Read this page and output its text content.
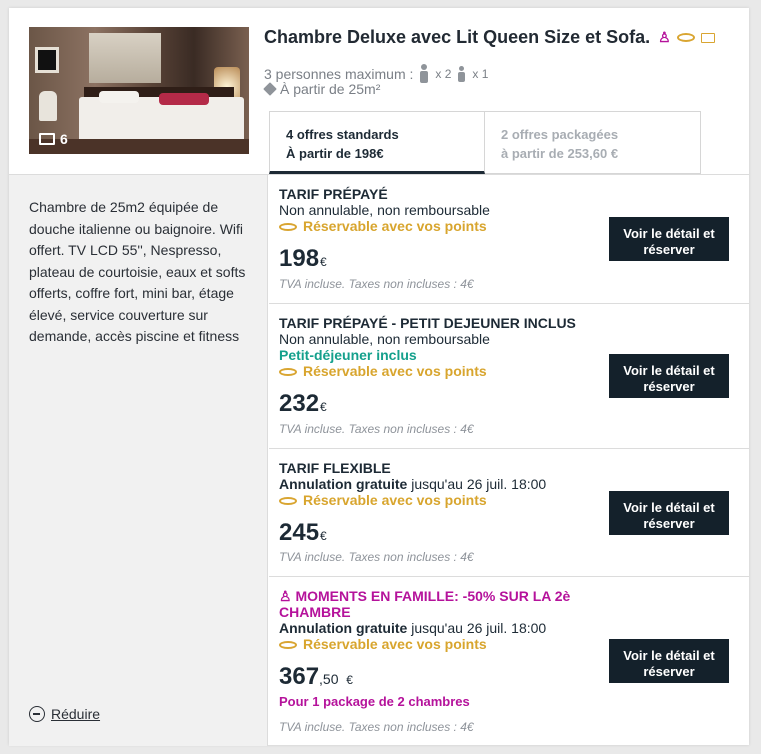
6
Chambre Deluxe avec Lit Queen Size et Sofa. ♙
3 personnes maximum : x 2 x 1
À partir de 25m²
4 offres standards
À partir de 198€
2 offres packagées
à partir de 253,60 €

Chambre de 25m2 équipée de douche italienne ou baignoire. Wifi offert. TV LCD 55'', Nespresso, plateau de courtoisie, eaux et softs offerts, coffre fort, mini bar, étage élevé, service couverture sur demande, accès piscine et fitness

Réduire
TARIF PRÉPAYÉ
Non annulable, non remboursable
Réservable avec vos points
198€
TVA incluse. Taxes non incluses : 4€
Voir le détail et réserver
TARIF PRÉPAYÉ - PETIT DEJEUNER INCLUS
Non annulable, non remboursable
Petit-déjeuner inclus
Réservable avec vos points
232€
TVA incluse. Taxes non incluses : 4€
Voir le détail et réserver
TARIF FLEXIBLE
Annulation gratuite jusqu'au 26 juil. 18:00
Réservable avec vos points
245€
TVA incluse. Taxes non incluses : 4€
Voir le détail et réserver
♙ MOMENTS EN FAMILLE: -50% SUR LA 2è CHAMBRE
Annulation gratuite jusqu'au 26 juil. 18:00
Réservable avec vos points
367,50 €
Pour 1 package de 2 chambres
TVA incluse. Taxes non incluses : 4€
Voir le détail et réserver
